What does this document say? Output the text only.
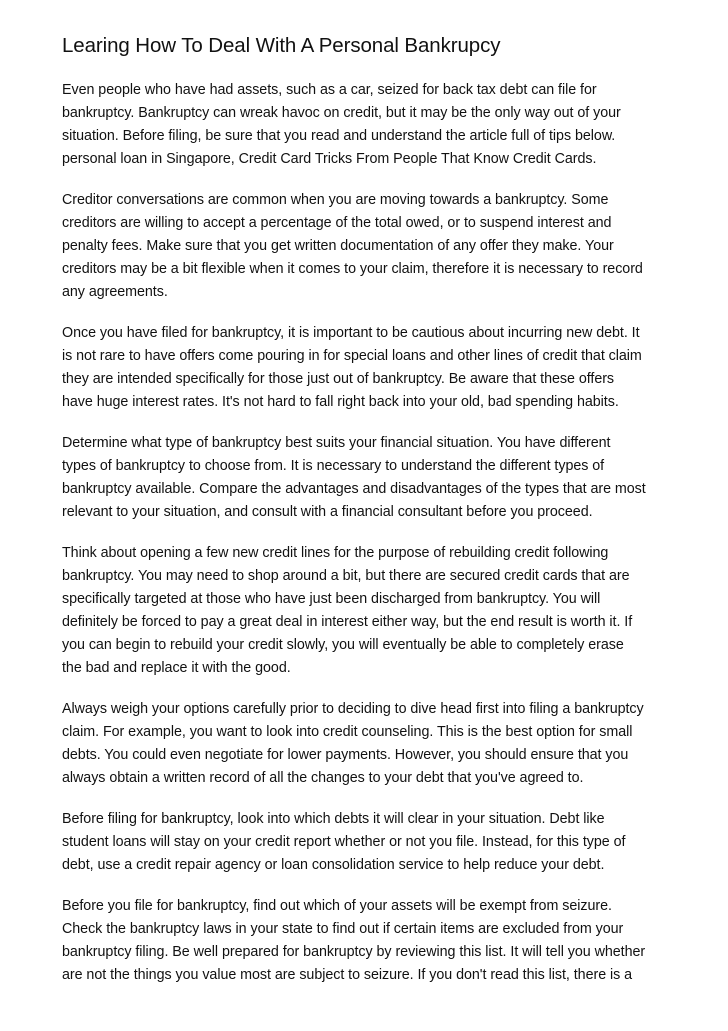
Learing How To Deal With A Personal Bankrupcy

Even people who have had assets, such as a car, seized for back tax debt can file for
bankruptcy. Bankruptcy can wreak havoc on credit, but it may be the only way out of your
situation. Before filing, be sure that you read and understand the article full of tips below.
personal loan in Singapore, Credit Card Tricks From People That Know Credit Cards.

Creditor conversations are common when you are moving towards a bankruptcy. Some
creditors are willing to accept a percentage of the total owed, or to suspend interest and
penalty fees. Make sure that you get written documentation of any offer they make. Your
creditors may be a bit flexible when it comes to your claim, therefore it is necessary to record
any agreements.

Once you have filed for bankruptcy, it is important to be cautious about incurring new debt. It
is not rare to have offers come pouring in for special loans and other lines of credit that claim
they are intended specifically for those just out of bankruptcy. Be aware that these offers
have huge interest rates. It's not hard to fall right back into your old, bad spending habits.

Determine what type of bankruptcy best suits your financial situation. You have different
types of bankruptcy to choose from. It is necessary to understand the different types of
bankruptcy available. Compare the advantages and disadvantages of the types that are most
relevant to your situation, and consult with a financial consultant before you proceed.

Think about opening a few new credit lines for the purpose of rebuilding credit following
bankruptcy. You may need to shop around a bit, but there are secured credit cards that are
specifically targeted at those who have just been discharged from bankruptcy. You will
definitely be forced to pay a great deal in interest either way, but the end result is worth it. If
you can begin to rebuild your credit slowly, you will eventually be able to completely erase
the bad and replace it with the good.

Always weigh your options carefully prior to deciding to dive head first into filing a bankruptcy
claim. For example, you want to look into credit counseling. This is the best option for small
debts. You could even negotiate for lower payments. However, you should ensure that you
always obtain a written record of all the changes to your debt that you've agreed to.

Before filing for bankruptcy, look into which debts it will clear in your situation. Debt like
student loans will stay on your credit report whether or not you file. Instead, for this type of
debt, use a credit repair agency or loan consolidation service to help reduce your debt.

Before you file for bankruptcy, find out which of your assets will be exempt from seizure.
Check the bankruptcy laws in your state to find out if certain items are excluded from your
bankruptcy filing. Be well prepared for bankruptcy by reviewing this list. It will tell you whether
are not the things you value most are subject to seizure. If you don't read this list, there is a
